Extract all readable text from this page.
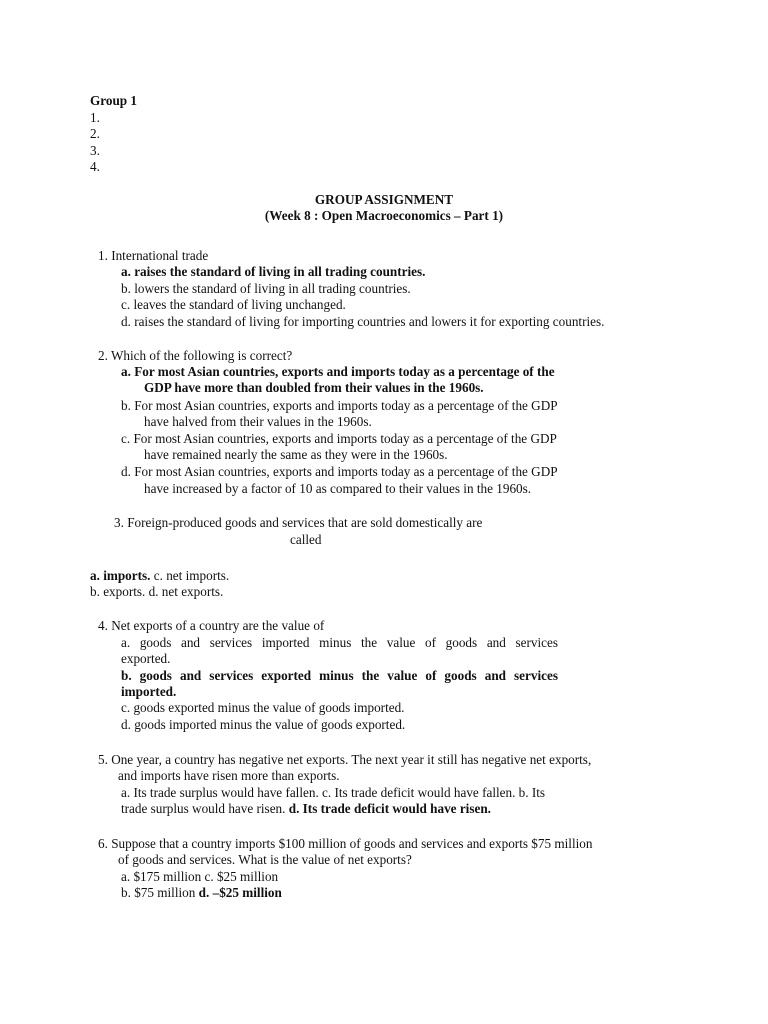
Group 1
1.
2.
3.
4.
GROUP ASSIGNMENT
(Week 8 : Open Macroeconomics – Part 1)
1. International trade
a. raises the standard of living in all trading countries.
b. lowers the standard of living in all trading countries.
c. leaves the standard of living unchanged.
d. raises the standard of living for importing countries and lowers it for exporting countries.
2. Which of the following is correct?
a. For most Asian countries, exports and imports today as a percentage of the
GDP have more than doubled from their values in the 1960s.
b. For most Asian countries, exports and imports today as a percentage of the GDP
have halved from their values in the 1960s.
c. For most Asian countries, exports and imports today as a percentage of the GDP
have remained nearly the same as they were in the 1960s.
d. For most Asian countries, exports and imports today as a percentage of the GDP
have increased by a factor of 10 as compared to their values in the 1960s.
3. Foreign-produced goods and services that are sold domestically are
called
a. imports. c. net imports.
b. exports. d. net exports.
4. Net exports of a country are the value of
a. goods and services imported minus the value of goods and services
exported.
b. goods and services exported minus the value of goods and services
imported.
c. goods exported minus the value of goods imported.
d. goods imported minus the value of goods exported.
5. One year, a country has negative net exports. The next year it still has negative net exports,
and imports have risen more than exports.
a. Its trade surplus would have fallen. c. Its trade deficit would have fallen. b. Its
trade surplus would have risen. d. Its trade deficit would have risen.
6. Suppose that a country imports $100 million of goods and services and exports $75 million
of goods and services. What is the value of net exports?
a. $175 million c. $25 million
b. $75 million d. –$25 million
